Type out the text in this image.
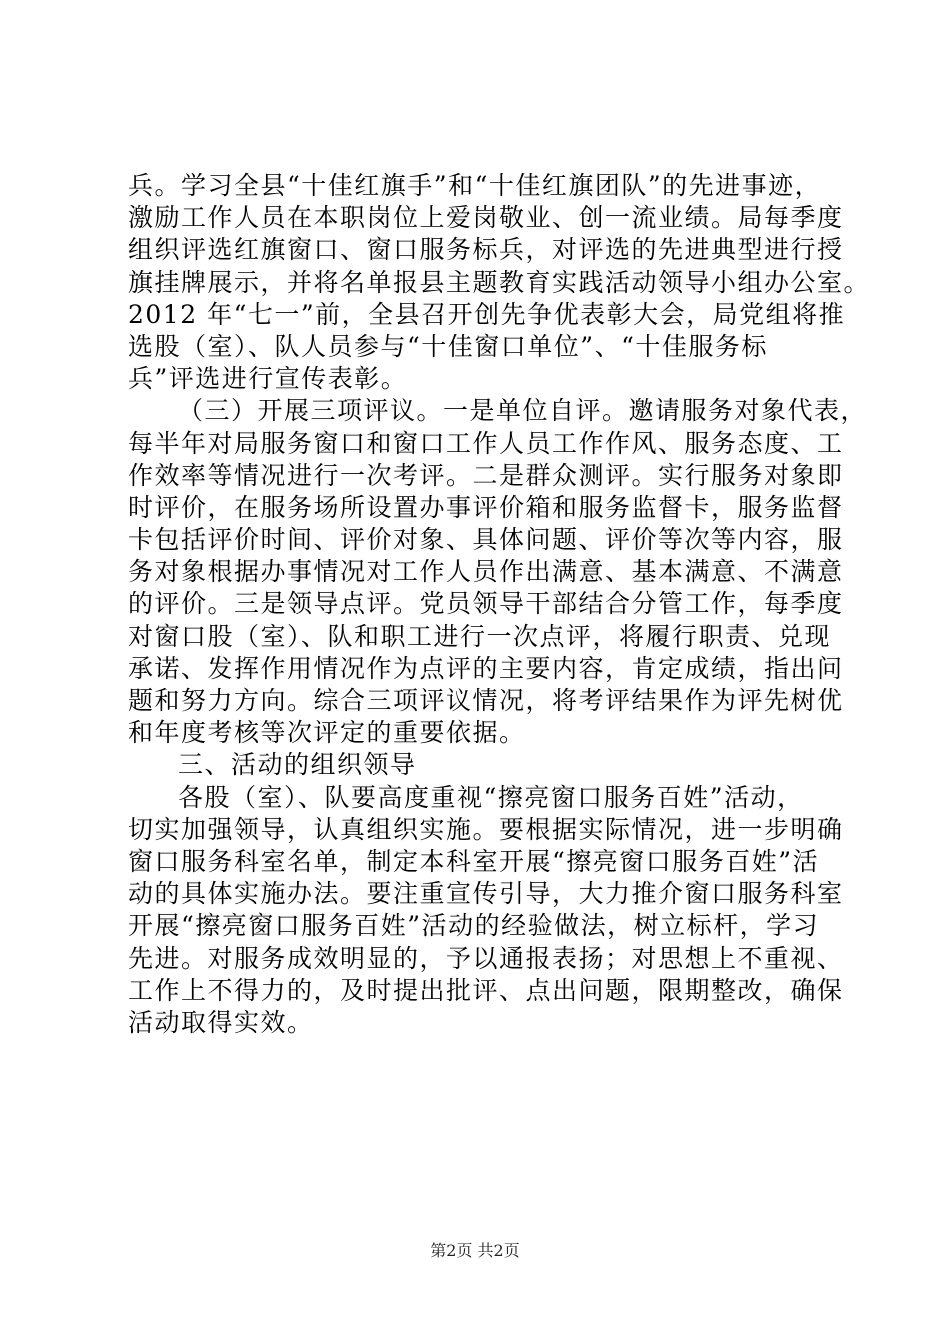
兵。学习全县“十佳红旗手”和“十佳红旗团队”的先进事迹，
激励工作人员在本职岗位上爱岗敬业、创一流业绩。局每季度
组织评选红旗窗口、窗口服务标兵，对评选的先进典型进行授
旗挂牌展示，并将名单报县主题教育实践活动领导小组办公室。
2012 年“七一”前，全县召开创先争优表彰大会，局党组将推
选股（室）、队人员参与“十佳窗口单位”、“十佳服务标
兵”评选进行宣传表彰。
（三）开展三项评议。一是单位自评。邀请服务对象代表，
每半年对局服务窗口和窗口工作人员工作作风、服务态度、工
作效率等情况进行一次考评。二是群众测评。实行服务对象即
时评价，在服务场所设置办事评价箱和服务监督卡，服务监督
卡包括评价时间、评价对象、具体问题、评价等次等内容，服
务对象根据办事情况对工作人员作出满意、基本满意、不满意
的评价。三是领导点评。党员领导干部结合分管工作，每季度
对窗口股（室）、队和职工进行一次点评，将履行职责、兑现
承诺、发挥作用情况作为点评的主要内容，肯定成绩，指出问
题和努力方向。综合三项评议情况，将考评结果作为评先树优
和年度考核等次评定的重要依据。
三、活动的组织领导
各股（室）、队要高度重视“擦亮窗口服务百姓”活动，
切实加强领导，认真组织实施。要根据实际情况，进一步明确
窗口服务科室名单，制定本科室开展“擦亮窗口服务百姓”活
动的具体实施办法。要注重宣传引导，大力推介窗口服务科室
开展“擦亮窗口服务百姓”活动的经验做法，树立标杆，学习
先进。对服务成效明显的，予以通报表扬；对思想上不重视、
工作上不得力的，及时提出批评、点出问题，限期整改，确保
活动取得实效。
第2页 共2页
